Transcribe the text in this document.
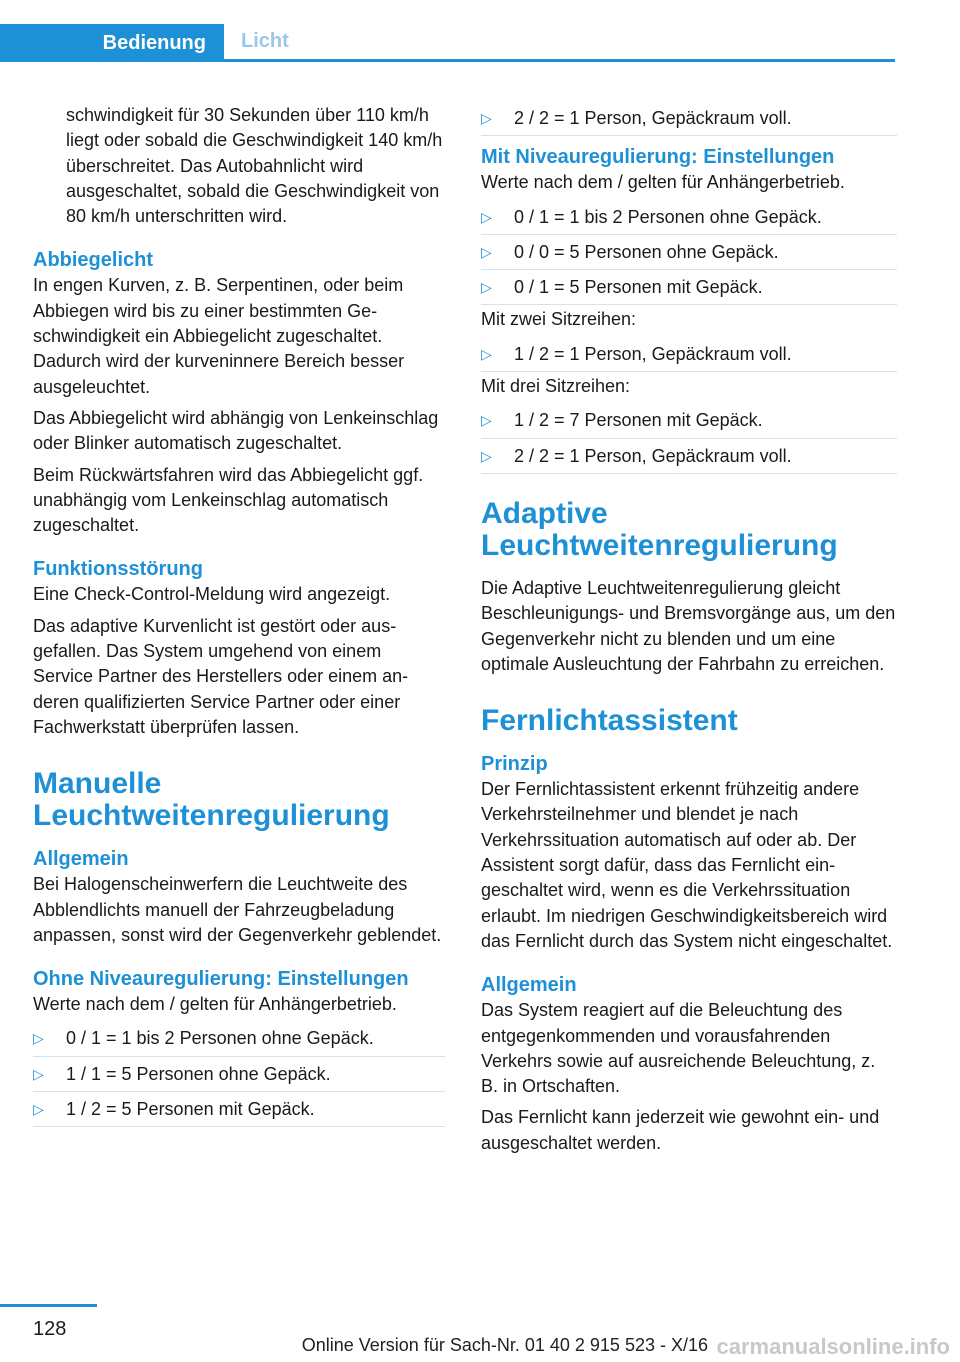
Bedienung	Licht

schwindigkeit für 30 Sekunden über 110 km/h liegt oder sobald die Geschwindigkeit 140 km/h überschreitet. Das Autobahnlicht wird ausgeschaltet, sobald die Geschwindigkeit von 80 km/h unterschritten wird.

Abbiegelicht

In engen Kurven, z. B. Serpentinen, oder beim Abbiegen wird bis zu einer bestimmten Geschwindigkeit ein Abbiegelicht zugeschaltet. Dadurch wird der kurveninnere Bereich besser ausgeleuchtet.

Das Abbiegelicht wird abhängig von Lenkeinschlag oder Blinker automatisch zugeschaltet.

Beim Rückwärtsfahren wird das Abbiegelicht ggf. unabhängig vom Lenkeinschlag automatisch zugeschaltet.

Funktionsstörung

Eine Check-Control-Meldung wird angezeigt.

Das adaptive Kurvenlicht ist gestört oder ausgefallen. Das System umgehend von einem Service Partner des Herstellers oder einem anderen qualifizierten Service Partner oder einer Fachwerkstatt überprüfen lassen.

Manuelle Leuchtweitenregulierung
Allgemein

Bei Halogenscheinwerfern die Leuchtweite des Abblendlichts manuell der Fahrzeugbeladung anpassen, sonst wird der Gegenverkehr geblendet.

Ohne Niveauregulierung: Einstellungen

Werte nach dem / gelten für Anhängerbetrieb.

▷	0 / 1 = 1 bis 2 Personen ohne Gepäck.
▷	1 / 1 = 5 Personen ohne Gepäck.
▷	1 / 2 = 5 Personen mit Gepäck.
▷	2 / 2 = 1 Person, Gepäckraum voll.
Mit Niveauregulierung: Einstellungen

Werte nach dem / gelten für Anhängerbetrieb.

▷	0 / 1 = 1 bis 2 Personen ohne Gepäck.
▷	0 / 0 = 5 Personen ohne Gepäck.
▷	0 / 1 = 5 Personen mit Gepäck.

Mit zwei Sitzreihen:

▷	1 / 2 = 1 Person, Gepäckraum voll.

Mit drei Sitzreihen:

▷	1 / 2 = 7 Personen mit Gepäck.
▷	2 / 2 = 1 Person, Gepäckraum voll.
Adaptive Leuchtweitenregulierung

Die Adaptive Leuchtweitenregulierung gleicht Beschleunigungs- und Bremsvorgänge aus, um den Gegenverkehr nicht zu blenden und um eine optimale Ausleuchtung der Fahrbahn zu erreichen.

Fernlichtassistent
Prinzip

Der Fernlichtassistent erkennt frühzeitig andere Verkehrsteilnehmer und blendet je nach Verkehrssituation automatisch auf oder ab. Der Assistent sorgt dafür, dass das Fernlicht eingeschaltet wird, wenn es die Verkehrssituation erlaubt. Im niedrigen Geschwindigkeitsbereich wird das Fernlicht durch das System nicht eingeschaltet.

Allgemein

Das System reagiert auf die Beleuchtung des entgegenkommenden und vorausfahrenden Verkehrs sowie auf ausreichende Beleuchtung, z. B. in Ortschaften.

Das Fernlicht kann jederzeit wie gewohnt ein- und ausgeschaltet werden.

128
Online Version für Sach-Nr. 01 40 2 915 523 - X/16 carmanualsonline.info
